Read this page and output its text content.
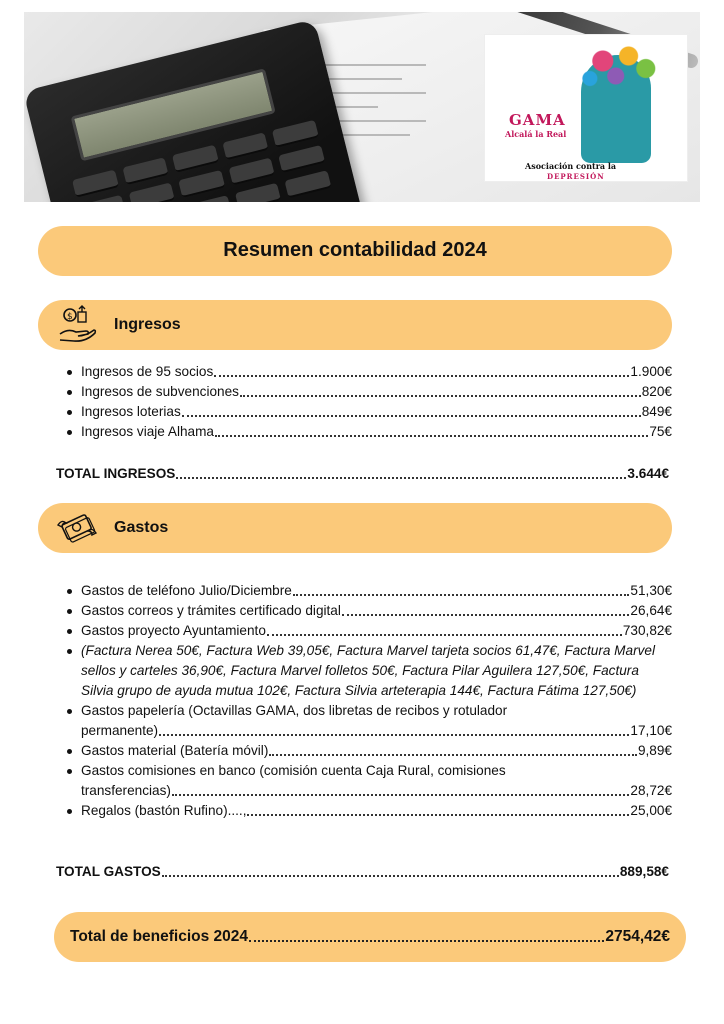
GAMA
Alcalá la Real
Asociación contra la
DEPRESIÓN
Resumen contabilidad 2024
$	Ingresos
Ingresos de 95 socios	1.900€
Ingresos de subvenciones	820€
Ingresos loterias	849€
Ingresos viaje Alhama	75€
TOTAL INGRESOS	3.644€
Gastos
Gastos de teléfono Julio/Diciembre	51,30€
Gastos correos y trámites certificado digital	26,64€
Gastos proyecto Ayuntamiento	730,82€
(Factura Nerea 50€, Factura Web 39,05€, Factura Marvel tarjeta socios 61,47€, Factura Marvel sellos y carteles 36,90€, Factura Marvel folletos 50€, Factura Pilar Aguilera 127,50€, Factura Silvia grupo de ayuda mutua 102€, Factura Silvia arteterapia 144€, Factura Fátima 127,50€)
Gastos papelería (Octavillas GAMA, dos libretas de recibos y rotulador
permanente)	17,10€
Gastos material (Batería móvil)	9,89€
Gastos comisiones en banco (comisión cuenta Caja Rural, comisiones
transferencias)	28,72€
Regalos (bastón Rufino)....,	25,00€
TOTAL GASTOS	889,58€
Total de beneficios 2024	2754,42€
